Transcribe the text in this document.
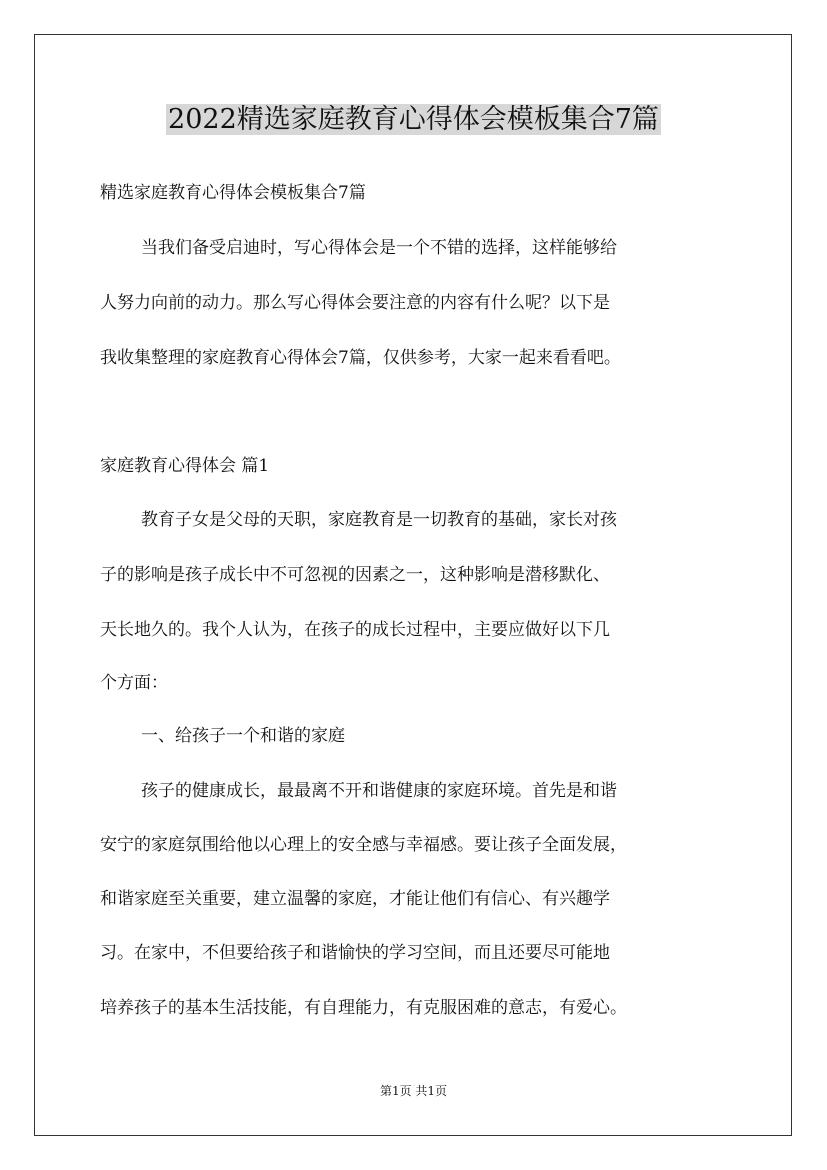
2022精选家庭教育心得体会模板集合7篇

精选家庭教育心得体会模板集合7篇

当我们备受启迪时，写心得体会是一个不错的选择，这样能够给

人努力向前的动力。那么写心得体会要注意的内容有什么呢？以下是

我收集整理的家庭教育心得体会7篇，仅供参考，大家一起来看看吧。

家庭教育心得体会 篇1

教育子女是父母的天职，家庭教育是一切教育的基础，家长对孩

子的影响是孩子成长中不可忽视的因素之一，这种影响是潜移默化、

天长地久的。我个人认为，在孩子的成长过程中，主要应做好以下几

个方面：

一、给孩子一个和谐的家庭

孩子的健康成长，最最离不开和谐健康的家庭环境。首先是和谐

安宁的家庭氛围给他以心理上的安全感与幸福感。要让孩子全面发展，

和谐家庭至关重要，建立温馨的家庭，才能让他们有信心、有兴趣学

习。在家中，不但要给孩子和谐愉快的学习空间，而且还要尽可能地

培养孩子的基本生活技能，有自理能力，有克服困难的意志，有爱心。

第1页 共1页
